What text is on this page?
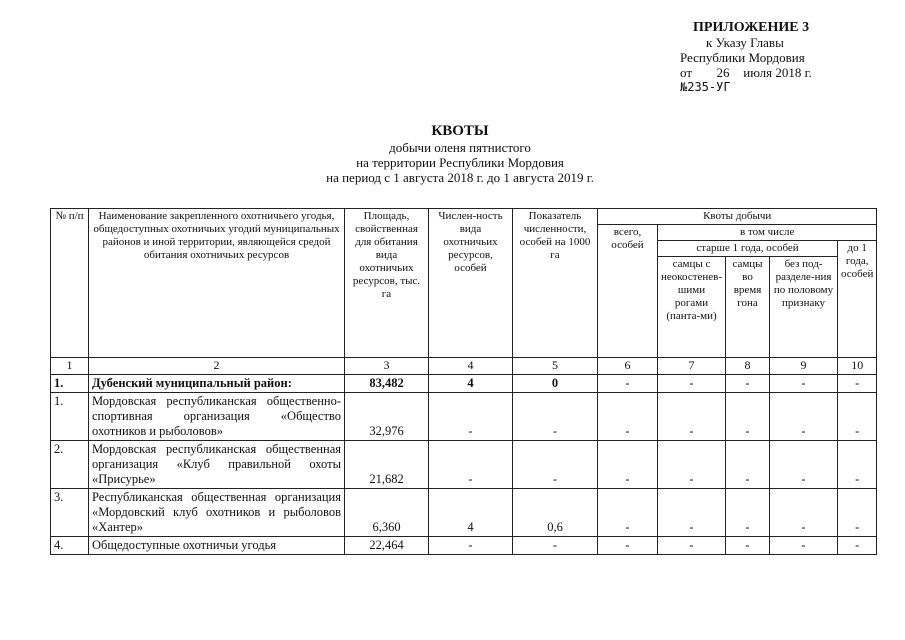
ПРИЛОЖЕНИЕ 3
к Указу Главы
Республики Мордовия
от 26 июля 2018 г.
№235-УГ
КВОТЫ
добычи оленя пятнистого
на территории Республики Мордовия
на период с 1 августа 2018 г. до 1 августа 2019 г.
№ п/п	Наименование закрепленного охотничьего угодья, общедоступных охотничьих угодий муниципальных районов и иной территории, являющейся средой обитания охотничьих ресурсов	Площадь, свойственная для обитания вида охотничьих ресурсов, тыс. га	Числен-ность вида охотничьих ресурсов, особей	Показатель численности, особей на 1000 га	Квоты добычи				
					всего, особей	в том числе			
						старше 1 года, особей			до 1 года, особей
						самцы с неокостенев-шими рогами (панта-ми)	самцы во время гона	без под-разделе-ния по половому признаку	
1	2	3	4	5	6	7	8	9	10
1.	Дубенский муниципальный район:	83,482	4	0	-	-	-	-	-
1.	Мордовская республиканская общественно-спортивная организация «Общество охотников и рыболовов»	32,976	-	-	-	-	-	-	-
2.	Мордовская республиканская общественная организация «Клуб правильной охоты «Присурье»	21,682	-	-	-	-	-	-	-
3.	Республиканская общественная организация «Мордовский клуб охотников и рыболовов «Хантер»	6,360	4	0,6	-	-	-	-	-
4.	Общедоступные охотничьи угодья	22,464	-	-	-	-	-	-	-
